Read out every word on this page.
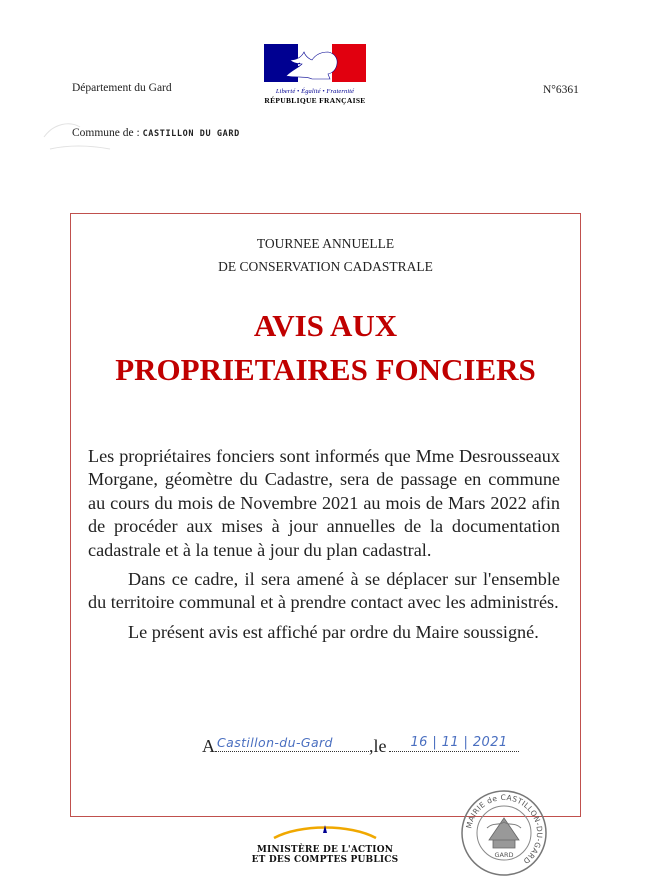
Liberté • Égalité • Fraternité
RÉPUBLIQUE FRANÇAISE
Département du Gard	N°6361
Commune de : CASTILLON DU GARD
TOURNEE ANNUELLE
DE CONSERVATION CADASTRALE
AVIS AUX
PROPRIETAIRES FONCIERS

Les propriétaires fonciers sont informés que Mme Desrousseaux Morgane, géomètre du Cadastre, sera de passage en commune au cours du mois de Novembre 2021 au mois de Mars 2022 afin de procéder aux mises à jour annuelles de la documentation cadastrale et à la tenue à jour du plan cadastral.

Dans ce cadre, il sera amené à se déplacer sur l'ensemble du territoire communal et à prendre contact avec les administrés.

Le présent avis est affiché par ordre du Maire soussigné.

A Castillon-du-Gard ,le 16 | 11 | 2021
MAIRIE de CASTILLON-DU-GARD
GARD
MINISTÈRE DE L'ACTION
ET DES COMPTES PUBLICS
